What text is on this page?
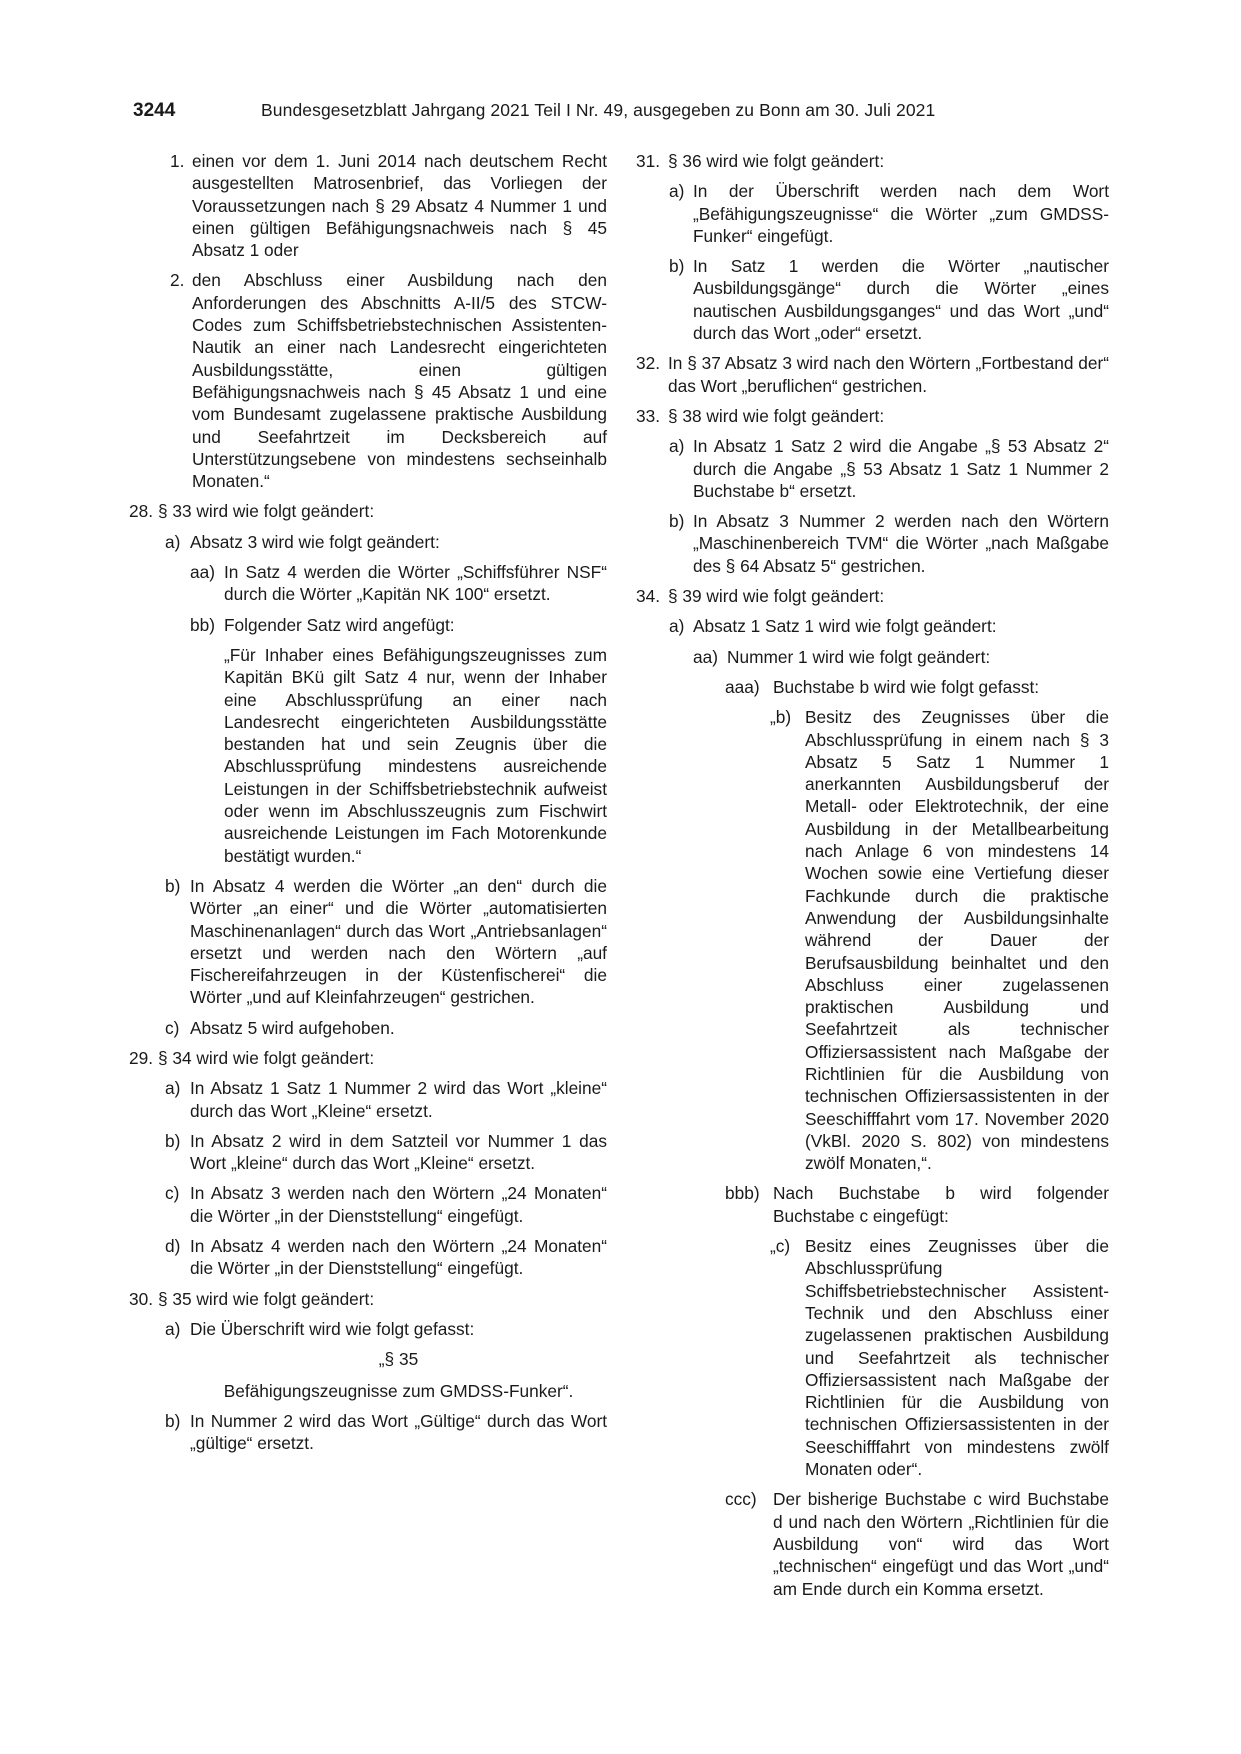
3244	Bundesgesetzblatt Jahrgang 2021 Teil I Nr. 49, ausgegeben zu Bonn am 30. Juli 2021
1. einen vor dem 1. Juni 2014 nach deutschem Recht ausgestellten Matrosenbrief, das Vorliegen der Voraussetzungen nach § 29 Absatz 4 Nummer 1 und einen gültigen Befähigungsnachweis nach § 45 Absatz 1 oder
2. den Abschluss einer Ausbildung nach den Anforderungen des Abschnitts A-II/5 des STCW-Codes zum Schiffsbetriebstechnischen Assistenten-Nautik an einer nach Landesrecht eingerichteten Ausbildungsstätte, einen gültigen Befähigungsnachweis nach § 45 Absatz 1 und eine vom Bundesamt zugelassene praktische Ausbildung und Seefahrtzeit im Decksbereich auf Unterstützungsebene von mindestens sechseinhalb Monaten.“
28. § 33 wird wie folgt geändert:
a) Absatz 3 wird wie folgt geändert:
aa) In Satz 4 werden die Wörter „Schiffsführer NSF“ durch die Wörter „Kapitän NK 100“ ersetzt.
bb) Folgender Satz wird angefügt:
„Für Inhaber eines Befähigungszeugnisses zum Kapitän BKü gilt Satz 4 nur, wenn der Inhaber eine Abschlussprüfung an einer nach Landesrecht eingerichteten Ausbildungsstätte bestanden hat und sein Zeugnis über die Abschlussprüfung mindestens ausreichende Leistungen in der Schiffsbetriebstechnik aufweist oder wenn im Abschlusszeugnis zum Fischwirt ausreichende Leistungen im Fach Motorenkunde bestätigt wurden.“
b) In Absatz 4 werden die Wörter „an den“ durch die Wörter „an einer“ und die Wörter „automatisierten Maschinenanlagen“ durch das Wort „Antriebsanlagen“ ersetzt und werden nach den Wörtern „auf Fischereifahrzeugen in der Küstenfischerei“ die Wörter „und auf Kleinfahrzeugen“ gestrichen.
c) Absatz 5 wird aufgehoben.
29. § 34 wird wie folgt geändert:
a) In Absatz 1 Satz 1 Nummer 2 wird das Wort „kleine“ durch das Wort „Kleine“ ersetzt.
b) In Absatz 2 wird in dem Satzteil vor Nummer 1 das Wort „kleine“ durch das Wort „Kleine“ ersetzt.
c) In Absatz 3 werden nach den Wörtern „24 Monaten“ die Wörter „in der Dienststellung“ eingefügt.
d) In Absatz 4 werden nach den Wörtern „24 Monaten“ die Wörter „in der Dienststellung“ eingefügt.
30. § 35 wird wie folgt geändert:
a) Die Überschrift wird wie folgt gefasst:
„§ 35
Befähigungszeugnisse zum GMDSS-Funker“.
b) In Nummer 2 wird das Wort „Gültige“ durch das Wort „gültige“ ersetzt.
31. § 36 wird wie folgt geändert:
a) In der Überschrift werden nach dem Wort „Befähigungszeugnisse“ die Wörter „zum GMDSS-Funker“ eingefügt.
b) In Satz 1 werden die Wörter „nautischer Ausbildungsgänge“ durch die Wörter „eines nautischen Ausbildungsganges“ und das Wort „und“ durch das Wort „oder“ ersetzt.
32. In § 37 Absatz 3 wird nach den Wörtern „Fortbestand der“ das Wort „beruflichen“ gestrichen.
33. § 38 wird wie folgt geändert:
a) In Absatz 1 Satz 2 wird die Angabe „§ 53 Absatz 2“ durch die Angabe „§ 53 Absatz 1 Satz 1 Nummer 2 Buchstabe b“ ersetzt.
b) In Absatz 3 Nummer 2 werden nach den Wörtern „Maschinenbereich TVM“ die Wörter „nach Maßgabe des § 64 Absatz 5“ gestrichen.
34. § 39 wird wie folgt geändert:
a) Absatz 1 Satz 1 wird wie folgt geändert:
aa) Nummer 1 wird wie folgt geändert:
aaa) Buchstabe b wird wie folgt gefasst:
„b) Besitz des Zeugnisses über die Abschlussprüfung in einem nach § 3 Absatz 5 Satz 1 Nummer 1 anerkannten Ausbildungsberuf der Metall- oder Elektrotechnik, der eine Ausbildung in der Metallbearbeitung nach Anlage 6 von mindestens 14 Wochen sowie eine Vertiefung dieser Fachkunde durch die praktische Anwendung der Ausbildungsinhalte während der Dauer der Berufsausbildung beinhaltet und den Abschluss einer zugelassenen praktischen Ausbildung und Seefahrtzeit als technischer Offiziersassistent nach Maßgabe der Richtlinien für die Ausbildung von technischen Offiziersassistenten in der Seeschifffahrt vom 17. November 2020 (VkBl. 2020 S. 802) von mindestens zwölf Monaten,“.
bbb) Nach Buchstabe b wird folgender Buchstabe c eingefügt:
„c) Besitz eines Zeugnisses über die Abschlussprüfung Schiffsbetriebstechnischer Assistent-Technik und den Abschluss einer zugelassenen praktischen Ausbildung und Seefahrtzeit als technischer Offiziersassistent nach Maßgabe der Richtlinien für die Ausbildung von technischen Offiziersassistenten in der Seeschifffahrt von mindestens zwölf Monaten oder“.
ccc) Der bisherige Buchstabe c wird Buchstabe d und nach den Wörtern „Richtlinien für die Ausbildung von“ wird das Wort „technischen“ eingefügt und das Wort „und“ am Ende durch ein Komma ersetzt.
